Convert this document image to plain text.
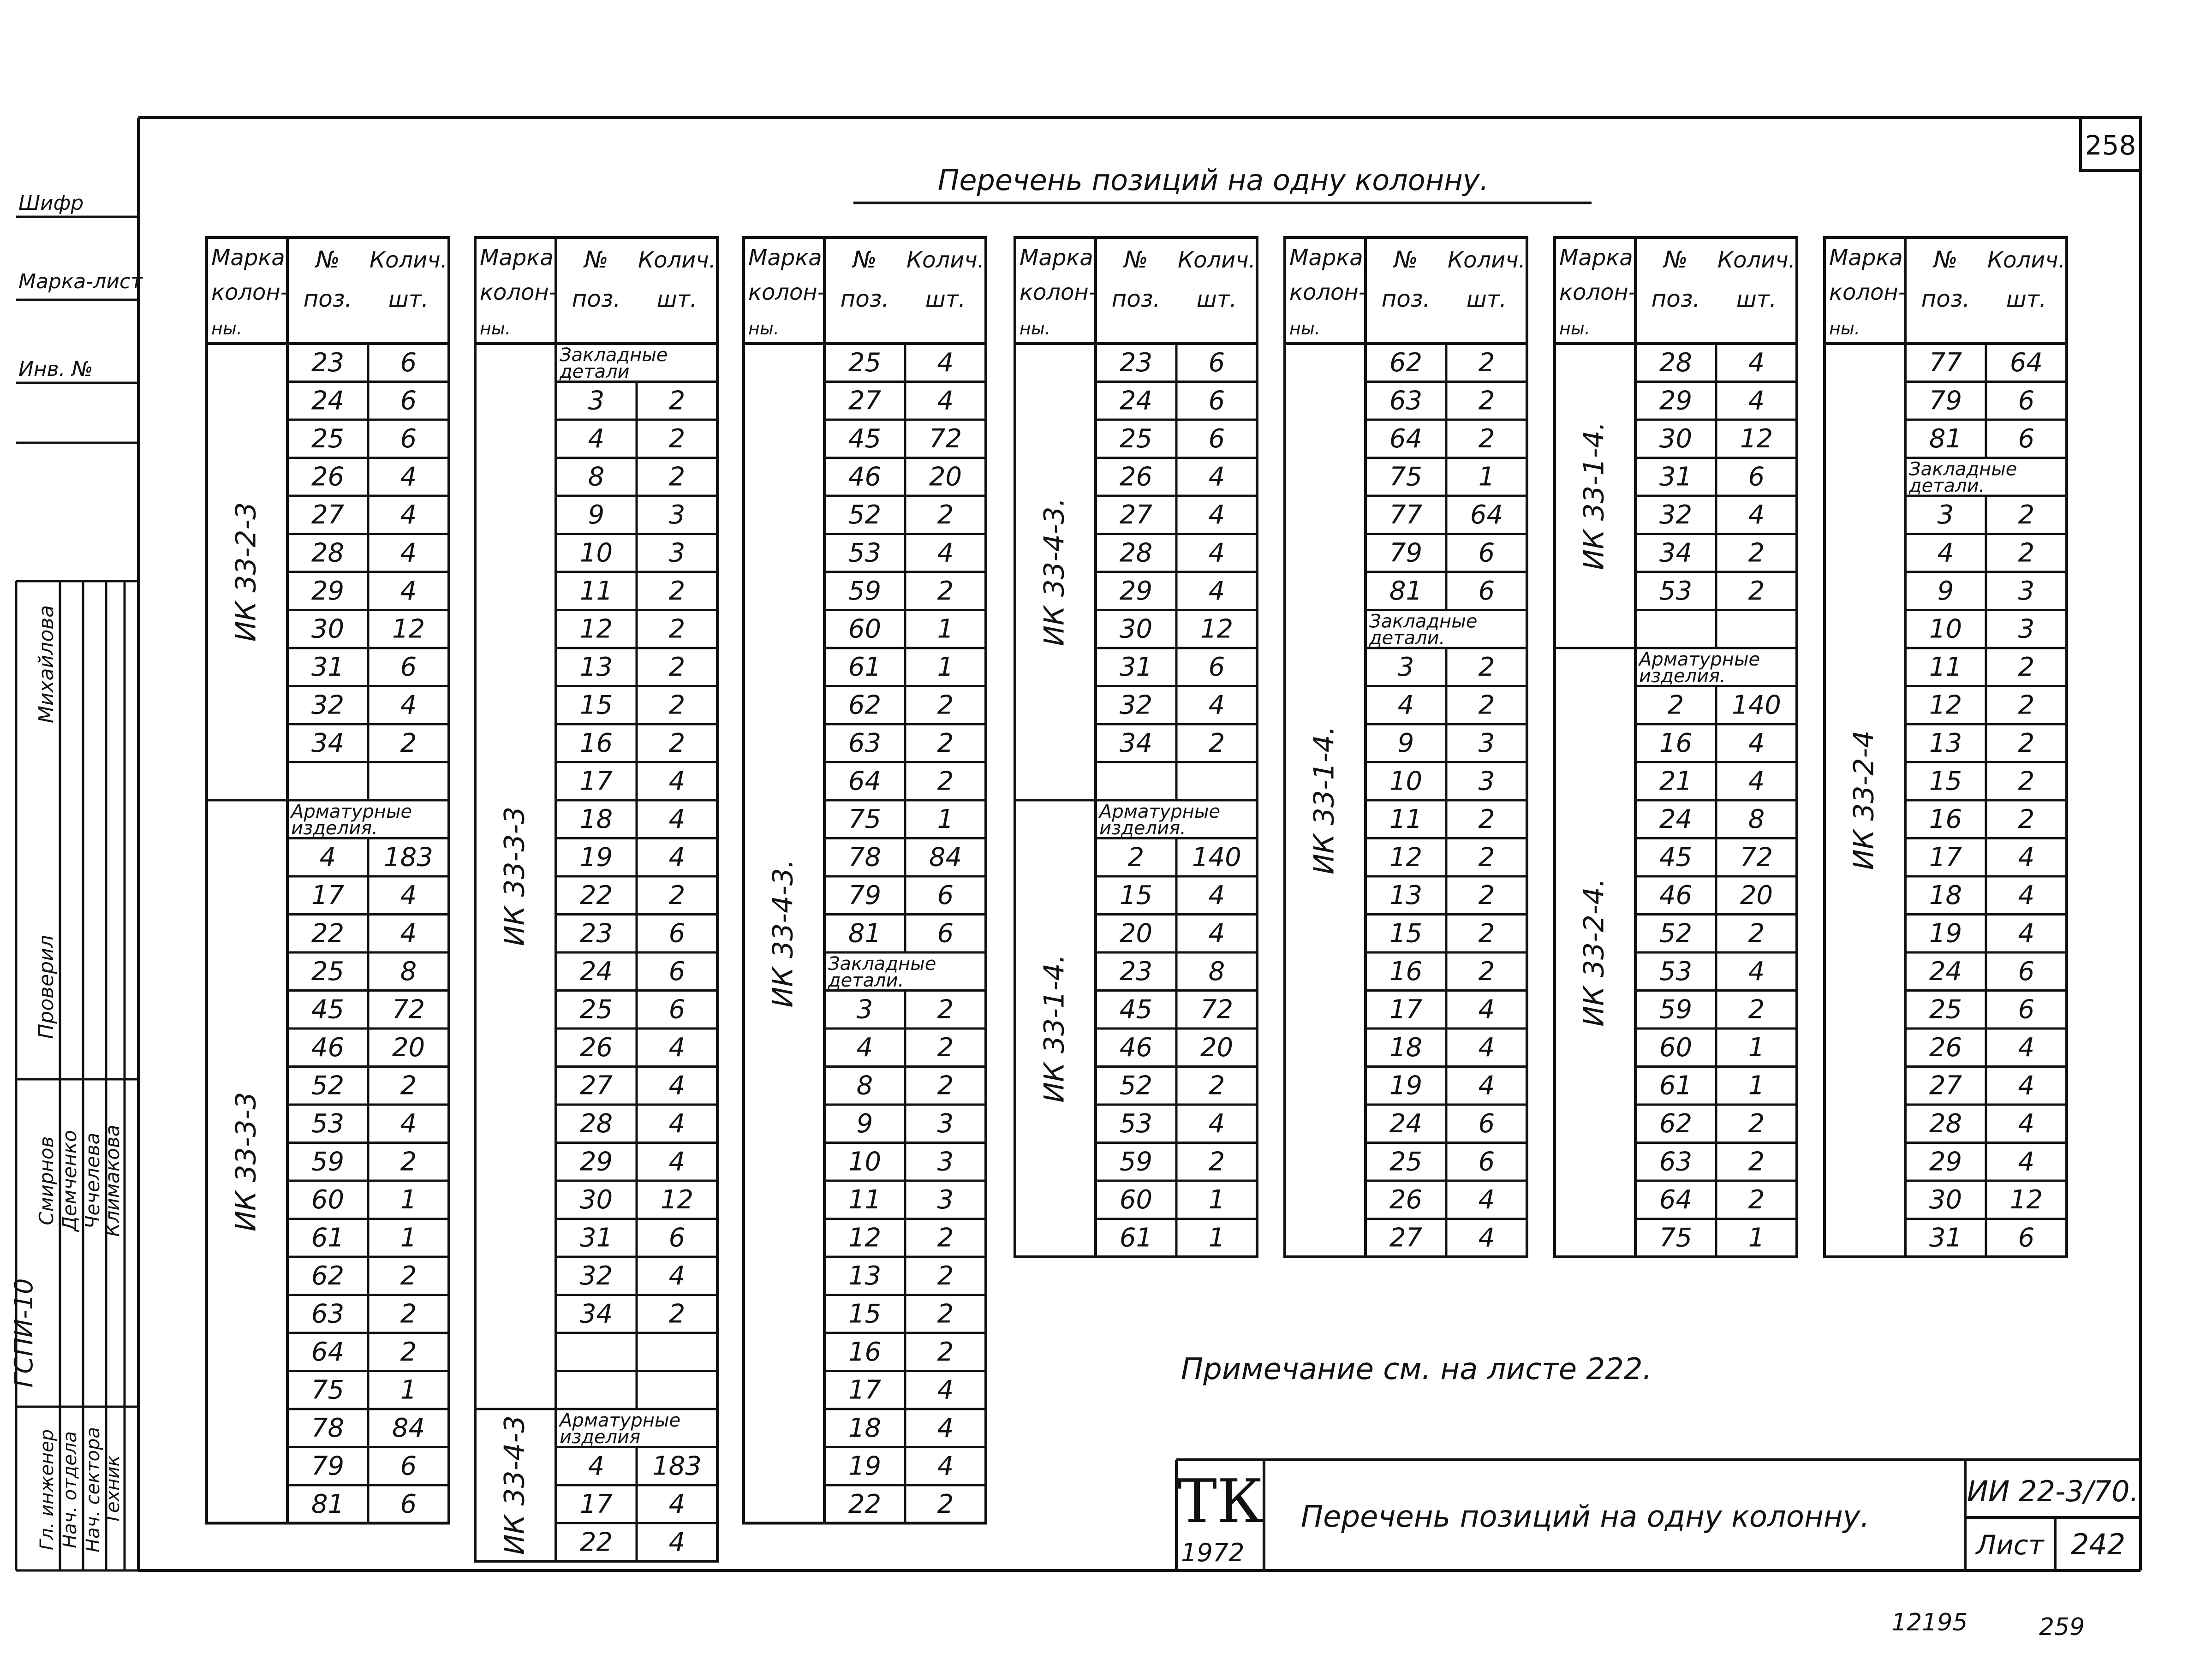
258
Перечень позиций на одну колонну.
Шифр
Марка-лист
Инв. №
Гл. инженер Нач. отдела Нач. сектора
Техник
Проверил
Смирнов Демченко Чечелева
Климакова
Михайлова
ГСПИ-10
Марка
колон-
ны.
№
поз.
Колич.
шт.
23 6
24 6
25 6
26 4
27 4
28 4
29 4
30 12
31 6
32 4
34 2
Арматурные
изделия.
4 183
17 4
22 4
25 8
45 72
46 20
52 2
53 4
59 2
60 1
61 1
62 2
63 2
64 2
75 1
78 84
79 6
81 6
ИК 33-2-3
ИК 33-3-3
Марка
колон-
ны.
№
поз.
Колич.
шт.
Закладные
детали
3 2
4 2
8 2
9 3
10 3
11 2
12 2
13 2
15 2
16 2
17 4
18 4
19 4
22 2
23 6
24 6
25 6
26 4
27 4
28 4
29 4
30 12
31 6
32 4
34 2
Арматурные
изделия
4 183
17 4
22 4
ИК 33-3-3
ИК 33-4-3
Марка
колон-
ны.
№
поз.
Колич.
шт.
25 4
27 4
45 72
46 20
52 2
53 4
59 2
60 1
61 1
62 2
63 2
64 2
75 1
78 84
79 6
81 6
Закладные
детали.
3 2
4 2
8 2
9 3
10 3
11 3
12 2
13 2
15 2
16 2
17 4
18 4
19 4
22 2
ИК 33-4-3.
Марка
колон-
ны.
№
поз.
Колич.
шт.
23 6
24 6
25 6
26 4
27 4
28 4
29 4
30 12
31 6
32 4
34 2
Арматурные
изделия.
2 140
15 4
20 4
23 8
45 72
46 20
52 2
53 4
59 2
60 1
61 1
ИК 33-4-3.
ИК 33-1-4.
Марка
колон-
ны.
№
поз.
Колич.
шт.
62 2
63 2
64 2
75 1
77 64
79 6
81 6
Закладные
детали.
3 2
4 2
9 3
10 3
11 2
12 2
13 2
15 2
16 2
17 4
18 4
19 4
24 6
25 6
26 4
27 4
ИК 33-1-4.
Марка
колон-
ны.
№
поз.
Колич.
шт.
28 4
29 4
30 12
31 6
32 4
34 2
53 2
Арматурные
изделия.
2 140
16 4
21 4
24 8
45 72
46 20
52 2
53 4
59 2
60 1
61 1
62 2
63 2
64 2
75 1
ИК 33-1-4.
ИК 33-2-4.
Марка
колон-
ны.
№
поз.
Колич.
шт.
77 64
79 6
81 6
Закладные
детали.
3 2
4 2
9 3
10 3
11 2
12 2
13 2
15 2
16 2
17 4
18 4
19 4
24 6
25 6
26 4
27 4
28 4
29 4
30 12
31 6
ИК 33-2-4
Примечание см. на листе 222.
ТК
1972
Перечень позиций на одну колонну.
ИИ 22-3/70.
Лист 242
12195	259
